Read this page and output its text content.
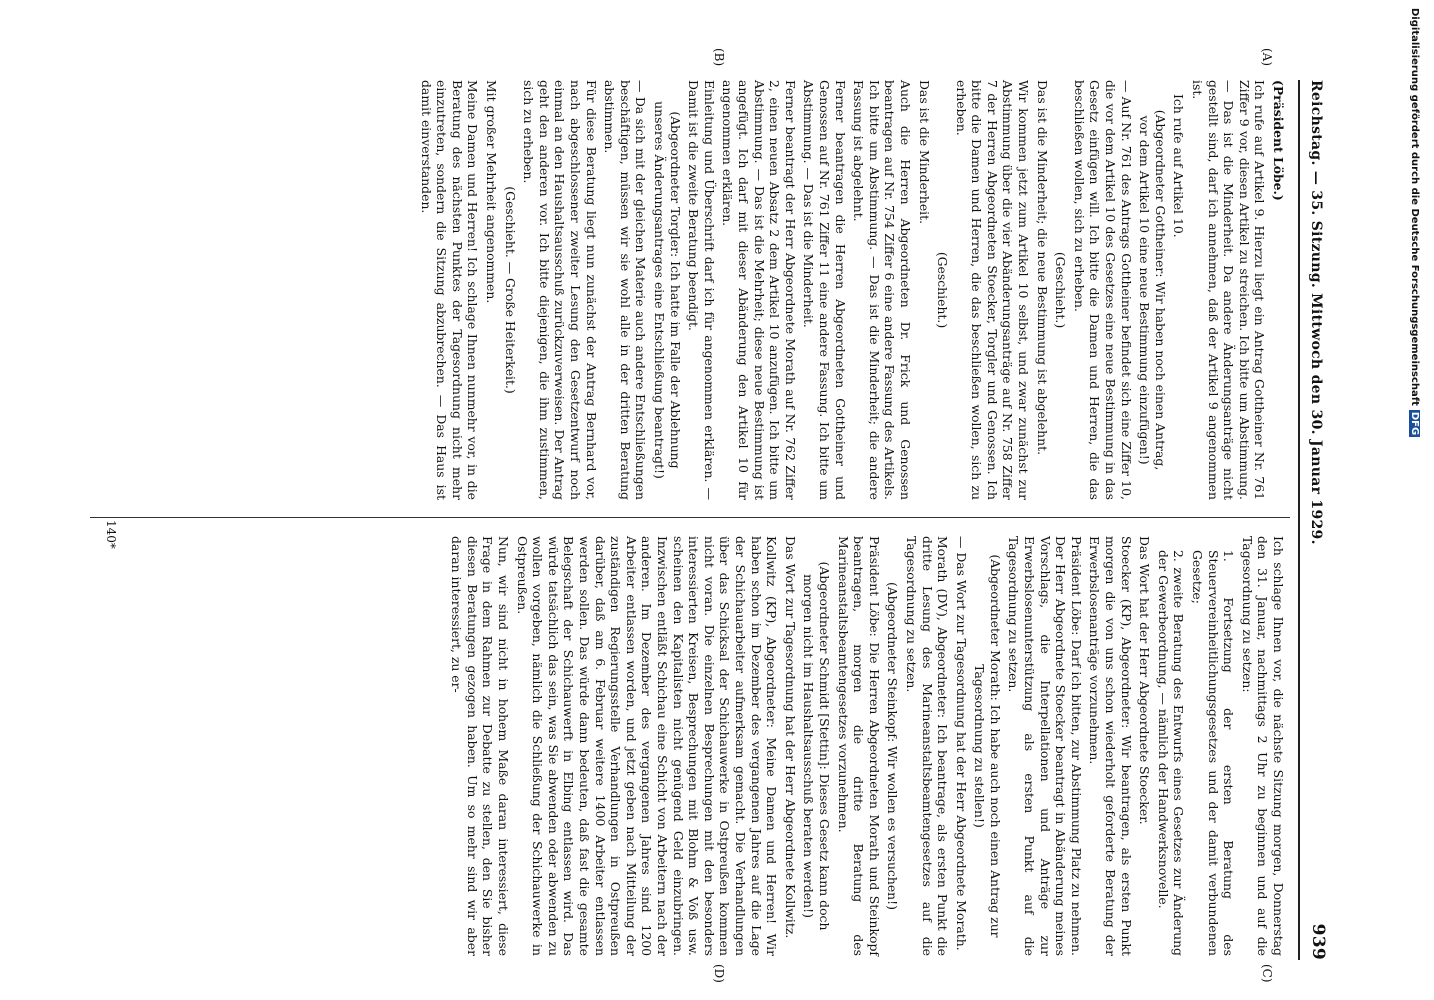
Reichstag. — 35. Sitzung. Mittwoch den 30. Januar 1929.
939

(Präsident Löbe.)

Ich rufe auf Artikel 9. Hierzu liegt ein Antrag Gottheiner Nr. 761 Ziffer 9 vor, diesen Artikel zu streichen. Ich bitte um Abstimmung. — Das ist die Minderheit. Da andere Änderungsanträge nicht gestellt sind, darf ich annehmen, daß der Artikel 9 angenommen ist.

Ich rufe auf Artikel 10.

(Abgeordneter Gottheiner: Wir haben noch einen Antrag, vor dem Artikel 10 eine neue Bestimmung einzufügen!)

— Auf Nr. 761 des Antrags Gottheiner befindet sich eine Ziffer 10, die vor dem Artikel 10 des Gesetzes eine neue Bestimmung in das Gesetz einfügen will. Ich bitte die Damen und Herren, die das beschließen wollen, sich zu erheben.

(Geschieht.)

Das ist die Minderheit; die neue Bestimmung ist abgelehnt.

Wir kommen jetzt zum Artikel 10 selbst, und zwar zunächst zur Abstimmung über die vier Abänderungsanträge auf Nr. 758 Ziffer 7 der Herren Abgeordneten Stoecker, Torgler und Genossen. Ich bitte die Damen und Herren, die das beschließen wollen, sich zu erheben.

(Geschieht.)

Das ist die Minderheit.

Auch die Herren Abgeordneten Dr. Frick und Genossen beantragen auf Nr. 754 Ziffer 6 eine andere Fassung des Artikels. Ich bitte um Abstimmung. — Das ist die Minderheit; die andere Fassung ist abgelehnt.

Ferner beantragen die Herren Abgeordneten Gottheiner und Genossen auf Nr. 761 Ziffer 11 eine andere Fassung. Ich bitte um Abstimmung. — Das ist die Minderheit.

Ferner beantragt der Herr Abgeordnete Morath auf Nr. 762 Ziffer 2, einen neuen Absatz 2 dem Artikel 10 anzufügen. Ich bitte um Abstimmung. — Das ist die Mehrheit; diese neue Bestimmung ist angefügt. Ich darf mit dieser Abänderung den Artikel 10 für angenommen erklären.

Einleitung und Überschrift darf ich für angenommen erklären. — Damit ist die zweite Beratung beendigt.

(Abgeordneter Torgler: Ich hatte im Falle der Ablehnung unseres Änderungsantrages eine Entschließung beantragt!)

— Da sich mit der gleichen Materie auch andere Entschließungen beschäftigen, müssen wir sie wohl alle in der dritten Beratung abstimmen.

Für diese Beratung liegt nun zunächst der Antrag Bernhard vor, nach abgeschlossener zweiter Lesung den Gesetzentwurf noch einmal an den Haushaltsausschuß zurückzuverweisen. Der Antrag geht den anderen vor. Ich bitte diejenigen, die ihm zustimmen, sich zu erheben.

(Geschieht. — Große Heiterkeit.)

Mit großer Mehrheit angenommen.

Meine Damen und Herren! Ich schlage Ihnen nunmehr vor, in die Beratung des nächsten Punktes der Tagesordnung nicht mehr einzutreten, sondern die Sitzung abzubrechen. — Das Haus ist damit einverstanden.

Ich schlage Ihnen vor, die nächste Sitzung morgen, Donnerstag den 31. Januar, nachmittags 2 Uhr zu beginnen und auf die Tagesordnung zu setzen:

1. Fortsetzung der ersten Beratung des Steuervereinheitlichungsgesetzes und der damit verbundenen Gesetze;

2. zweite Beratung des Entwurfs eines Gesetzes zur Änderung der Gewerbeordnung, — nämlich der Handwerksnovelle.

Das Wort hat der Herr Abgeordnete Stoecker.

Stoecker (KP), Abgeordneter: Wir beantragen, als ersten Punkt morgen die von uns schon wiederholt geforderte Beratung der Erwerbslosenanträge vorzunehmen.

Präsident Löbe: Darf ich bitten, zur Abstimmung Platz zu nehmen. Der Herr Abgeordnete Stoecker beantragt in Abänderung meines Vorschlags, die Interpellationen und Anträge zur Erwerbslosenunterstützung als ersten Punkt auf die Tagesordnung zu setzen.

(Abgeordneter Morath: Ich habe auch noch einen Antrag zur Tagesordnung zu stellen!)

— Das Wort zur Tagesordnung hat der Herr Abgeordnete Morath.

Morath (DV), Abgeordneter: Ich beantrage, als ersten Punkt die dritte Lesung des Marineanstaltsbeamtengesetzes auf die Tagesordnung zu setzen.

(Abgeordneter Steinkopf: Wir wollen es versuchen!)

Präsident Löbe: Die Herren Abgeordneten Morath und Steinkopf beantragen, morgen die dritte Beratung des Marineanstaltsbeamtengesetzes vorzunehmen.

(Abgeordneter Schmidt [Stettin]: Dieses Gesetz kann doch morgen nicht im Haushaltsausschuß beraten werden!)

Das Wort zur Tagesordnung hat der Herr Abgeordnete Kollwitz.

Kollwitz (KP), Abgeordneter: Meine Damen und Herren! Wir haben schon im Dezember des vergangenen Jahres auf die Lage der Schichauarbeiter aufmerksam gemacht. Die Verhandlungen über das Schicksal der Schichauwerke in Ostpreußen kommen nicht voran. Die einzelnen Besprechungen mit den besonders interessierten Kreisen, Besprechungen mit Blohm & Voß usw. scheinen den Kapitalisten nicht genügend Geld einzubringen. Inzwischen entläßt Schichau eine Schicht von Arbeitern nach der anderen. Im Dezember des vergangenen Jahres sind 1200 Arbeiter entlassen worden, und jetzt geben nach Mitteilung der zuständigen Regierungsstelle Verhandlungen in Ostpreußen darüber, daß am 6. Februar weitere 1400 Arbeiter entlassen werden sollen. Das würde dann bedeuten, daß fast die gesamte Belegschaft der Schichauwerft in Elbing entlassen wird. Das würde tatsächlich das sein, was Sie abwenden oder abwenden zu wollen vorgeben, nämlich die Schließung der Schichauwerke in Ostpreußen.

Nun, wir sind nicht in hohem Maße daran interessiert, diese Frage in dem Rahmen zur Debatte zu stellen, den Sie bisher diesen Beratungen gezogen haben. Um so mehr sind wir aber daran interessiert, zu er-

(A)
(B)
(C)
(D)
140*
Digitalisierung gefördert durch die Deutsche ForschungsgemeinschaftDFG
